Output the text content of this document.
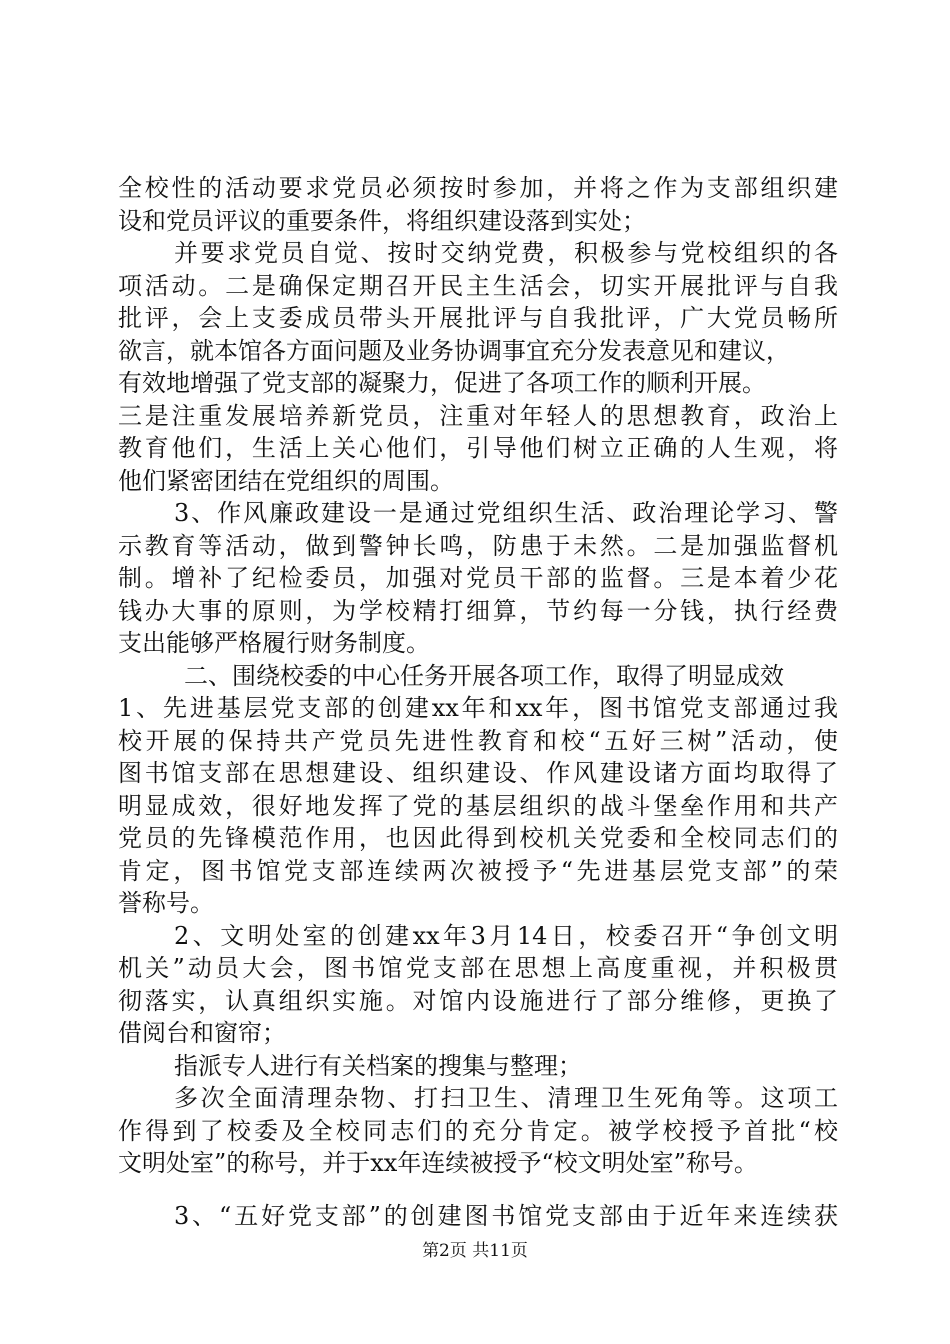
全校性的活动要求党员必须按时参加，并将之作为支部组织建
设和党员评议的重要条件，将组织建设落到实处；
并要求党员自觉、按时交纳党费，积极参与党校组织的各
项活动。二是确保定期召开民主生活会，切实开展批评与自我
批评，会上支委成员带头开展批评与自我批评，广大党员畅所
欲言，就本馆各方面问题及业务协调事宜充分发表意见和建议，
有效地增强了党支部的凝聚力，促进了各项工作的顺利开展。
三是注重发展培养新党员，注重对年轻人的思想教育，政治上
教育他们，生活上关心他们，引导他们树立正确的人生观，将
他们紧密团结在党组织的周围。
3、作风廉政建设一是通过党组织生活、政治理论学习、警
示教育等活动，做到警钟长鸣，防患于未然。二是加强监督机
制。增补了纪检委员，加强对党员干部的监督。三是本着少花
钱办大事的原则，为学校精打细算，节约每一分钱，执行经费
支出能够严格履行财务制度。
二、围绕校委的中心任务开展各项工作，取得了明显成效
1、先进基层党支部的创建xx年和xx年，图书馆党支部通过我
校开展的保持共产党员先进性教育和校“五好三树”活动，使
图书馆支部在思想建设、组织建设、作风建设诸方面均取得了
明显成效，很好地发挥了党的基层组织的战斗堡垒作用和共产
党员的先锋模范作用，也因此得到校机关党委和全校同志们的
肯定，图书馆党支部连续两次被授予“先进基层党支部”的荣
誉称号。
2、文明处室的创建xx年3月14日，校委召开“争创文明
机关”动员大会，图书馆党支部在思想上高度重视，并积极贯
彻落实，认真组织实施。对馆内设施进行了部分维修，更换了
借阅台和窗帘；
指派专人进行有关档案的搜集与整理；
多次全面清理杂物、打扫卫生、清理卫生死角等。这项工
作得到了校委及全校同志们的充分肯定。被学校授予首批“校
文明处室”的称号，并于xx年连续被授予“校文明处室”称号。
3、“五好党支部”的创建图书馆党支部由于近年来连续获
第2页 共11页
